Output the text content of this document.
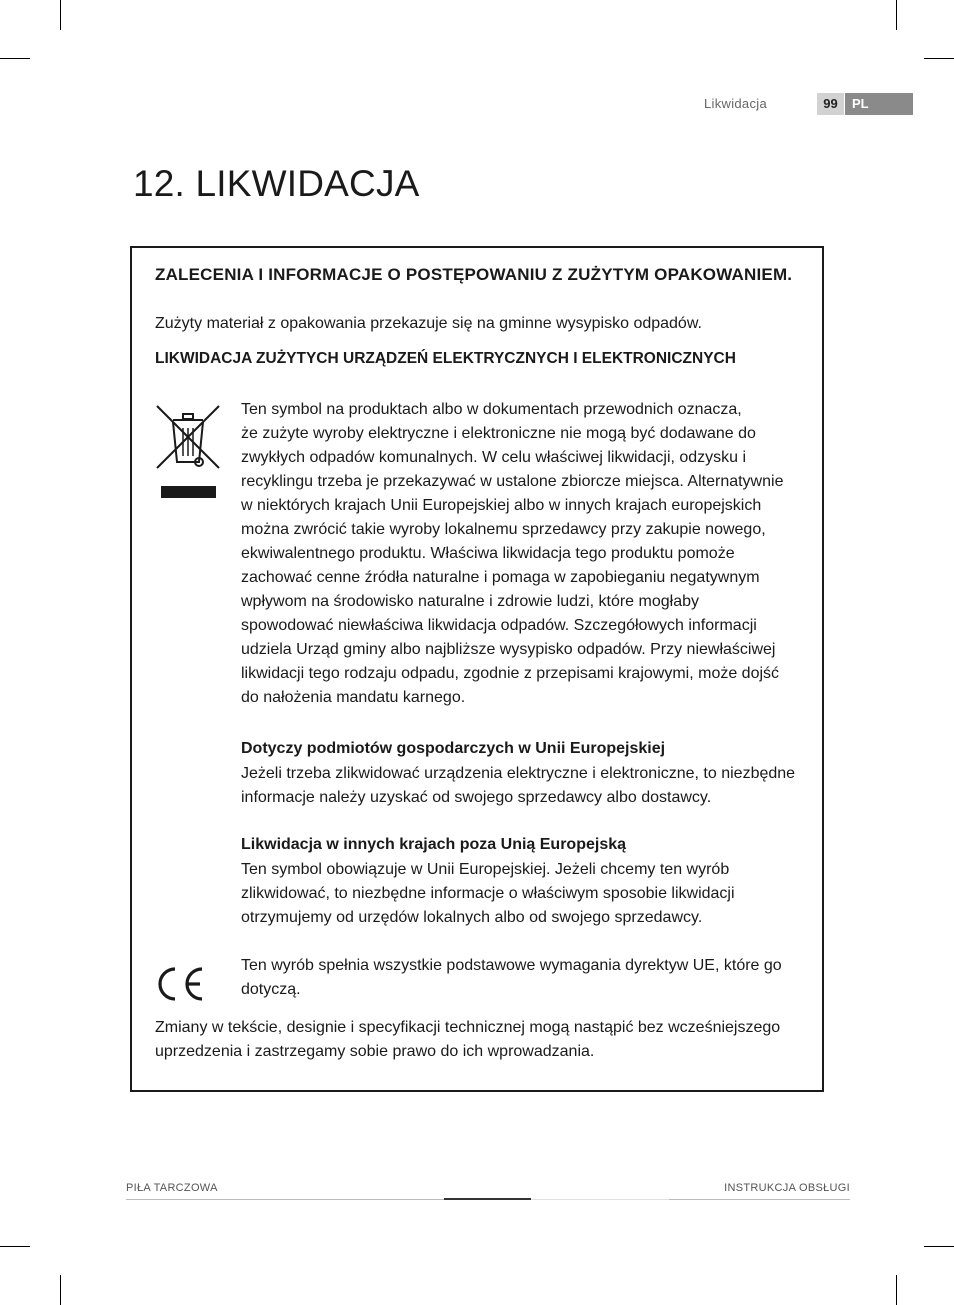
Likwidacja	99	PL
12. LIKWIDACJA
ZALECENIA I INFORMACJE O POSTĘPOWANIU Z ZUŻYTYM OPAKOWANIEM.

Zużyty materiał z opakowania przekazuje się na gminne wysypisko odpadów.

LIKWIDACJA ZUŻYTYCH URZĄDZEŃ ELEKTRYCZNYCH I ELEKTRONICZNYCH

Ten symbol na produktach albo w dokumentach przewodnich oznacza,

że zużyte wyroby elektryczne i elektroniczne nie mogą być dodawane do

zwykłych odpadów komunalnych. W celu właściwej likwidacji, odzysku i

recyklingu trzeba je przekazywać w ustalone zbiorcze miejsca. Alternatywnie

w niektórych krajach Unii Europejskiej albo w innych krajach europejskich

można zwrócić takie wyroby lokalnemu sprzedawcy przy zakupie nowego,

ekwiwalentnego produktu. Właściwa likwidacja tego produktu pomoże

zachować cenne źródła naturalne i pomaga w zapobieganiu negatywnym

wpływom na środowisko naturalne i zdrowie ludzi, które mogłaby

spowodować niewłaściwa likwidacja odpadów. Szczegółowych informacji

udziela Urząd gminy albo najbliższe wysypisko odpadów. Przy niewłaściwej

likwidacji tego rodzaju odpadu, zgodnie z przepisami krajowymi, może dojść

do nałożenia mandatu karnego.

Dotyczy podmiotów gospodarczych w Unii Europejskiej

Jeżeli trzeba zlikwidować urządzenia elektryczne i elektroniczne, to niezbędne

informacje należy uzyskać od swojego sprzedawcy albo dostawcy.

Likwidacja w innych krajach poza Unią Europejską

Ten symbol obowiązuje w Unii Europejskiej. Jeżeli chcemy ten wyrób

zlikwidować, to niezbędne informacje o właściwym sposobie likwidacji

otrzymujemy od urzędów lokalnych albo od swojego sprzedawcy.

Ten wyrób spełnia wszystkie podstawowe wymagania dyrektyw UE, które go

dotyczą.

Zmiany w tekście, designie i specyfikacji technicznej mogą nastąpić bez wcześniejszego

uprzedzenia i zastrzegamy sobie prawo do ich wprowadzania.

PIŁA TARCZOWA	INSTRUKCJA OBSŁUGI
